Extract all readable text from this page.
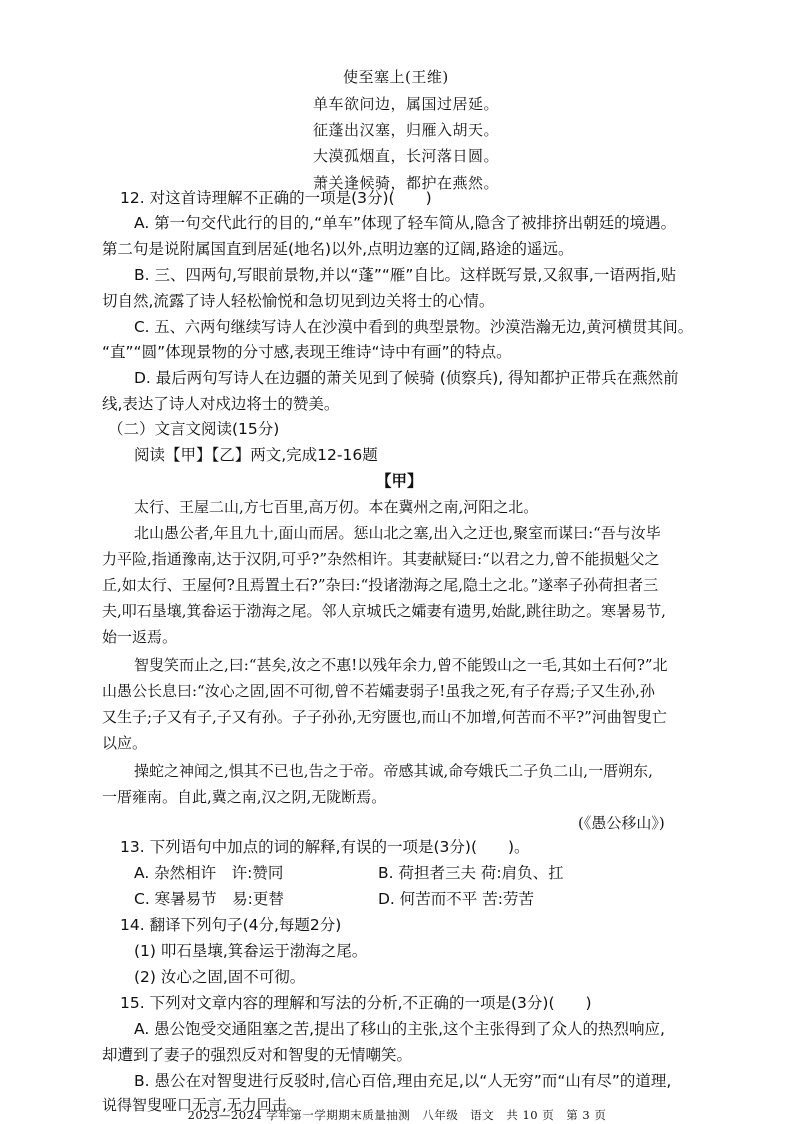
使至塞上(王维)
单车欲问边，属国过居延。
征蓬出汉塞，归雁入胡天。
大漠孤烟直，长河落日圆。
萧关逢候骑，都护在燕然。
12. 对这首诗理解不正确的一项是(3分)(　　)
A. 第一句交代此行的目的,“单车”体现了轻车简从,隐含了被排挤出朝廷的境遇。
第二句是说附属国直到居延(地名)以外,点明边塞的辽阔,路途的遥远。
B. 三、四两句,写眼前景物,并以“蓬”“雁”自比。这样既写景,又叙事,一语两指,贴
切自然,流露了诗人轻松愉悦和急切见到边关将士的心情。
C. 五、六两句继续写诗人在沙漠中看到的典型景物。沙漠浩瀚无边,黄河横贯其间。
“直”“圆”体现景物的分寸感,表现王维诗“诗中有画”的特点。
D. 最后两句写诗人在边疆的萧关见到了候骑 (侦察兵), 得知都护正带兵在燕然前
线,表达了诗人对戍边将士的赞美。
（二）文言文阅读(15分)
阅读【甲】【乙】两文,完成12-16题
【甲】
太行、王屋二山,方七百里,高万仞。本在冀州之南,河阳之北。
北山愚公者,年且九十,面山而居。惩山北之塞,出入之迂也,聚室而谋曰:“吾与汝毕
力平险,指通豫南,达于汉阴,可乎?”杂然相许。其妻献疑曰:“以君之力,曾不能损魁父之
丘,如太行、王屋何?且焉置土石?”杂曰:“投诸渤海之尾,隐土之北。”遂率子孙荷担者三
夫,叩石垦壤,箕畚运于渤海之尾。邻人京城氏之孀妻有遗男,始龀,跳往助之。寒暑易节,
始一返焉。
智叟笑而止之,曰:“甚矣,汝之不惠!以残年余力,曾不能毁山之一毛,其如土石何?”北
山愚公长息曰:“汝心之固,固不可彻,曾不若孀妻弱子!虽我之死,有子存焉;子又生孙,孙
又生子;子又有子,子又有孙。子子孙孙,无穷匮也,而山不加增,何苦而不平?”河曲智叟亡
以应。
操蛇之神闻之,惧其不已也,告之于帝。帝感其诚,命夸娥氏二子负二山,一厝朔东,
一厝雍南。自此,冀之南,汉之阴,无陇断焉。
(《愚公移山》)
13. 下列语句中加点的词的解释,有误的一项是(3分)(　　)。
A. 杂然相许　许:赞同	B. 荷担者三夫 荷:肩负、扛
C. 寒暑易节　易:更替	D. 何苦而不平 苦:劳苦
14. 翻译下列句子(4分,每题2分)
(1) 叩石垦壤,箕畚运于渤海之尾。
(2) 汝心之固,固不可彻。
15. 下列对文章内容的理解和写法的分析,不正确的一项是(3分)(　　)
A. 愚公饱受交通阻塞之苦,提出了移山的主张,这个主张得到了众人的热烈响应,
却遭到了妻子的强烈反对和智叟的无情嘲笑。
B. 愚公在对智叟进行反驳时,信心百倍,理由充足,以“人无穷”而“山有尽”的道理,
说得智叟哑口无言,无力回击。
2023—2024 学年第一学期期末质量抽测　八年级　语文　共 10 页　第 3 页
